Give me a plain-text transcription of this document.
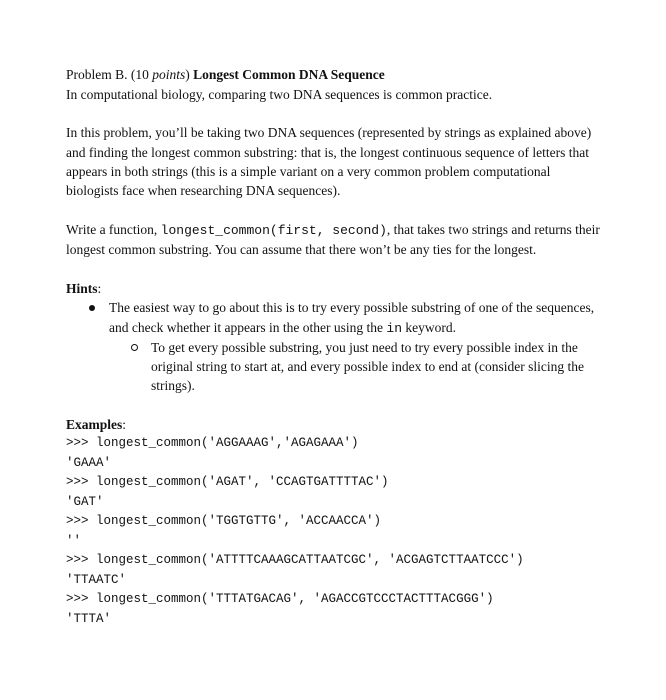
Problem B. (10 points) Longest Common DNA Sequence
In computational biology, comparing two DNA sequences is common practice.
In this problem, you’ll be taking two DNA sequences (represented by strings as explained above)
and finding the longest common substring: that is, the longest continuous sequence of letters that
appears in both strings (this is a simple variant on a very common problem computational
biologists face when researching DNA sequences).
Write a function, longest_common(first, second), that takes two strings and returns their
longest common substring. You can assume that there won’t be any ties for the longest.
Hints:
The easiest way to go about this is to try every possible substring of one of the sequences,
and check whether it appears in the other using the in keyword.
To get every possible substring, you just need to try every possible index in the
original string to start at, and every possible index to end at (consider slicing the
strings).
Examples:
>>> longest_common('AGGAAAG','AGAGAAA')
'GAAA'
>>> longest_common('AGAT', 'CCAGTGATTTTAC')
'GAT'
>>> longest_common('TGGTGTTG', 'ACCAACCA')
''
>>> longest_common('ATTTTCAAAGCATTAATCGC', 'ACGAGTCTTAATCCC')
'TTAATC'
>>> longest_common('TTTATGACAG', 'AGACCGTCCCTACTTTACGGG')
'TTTA'
